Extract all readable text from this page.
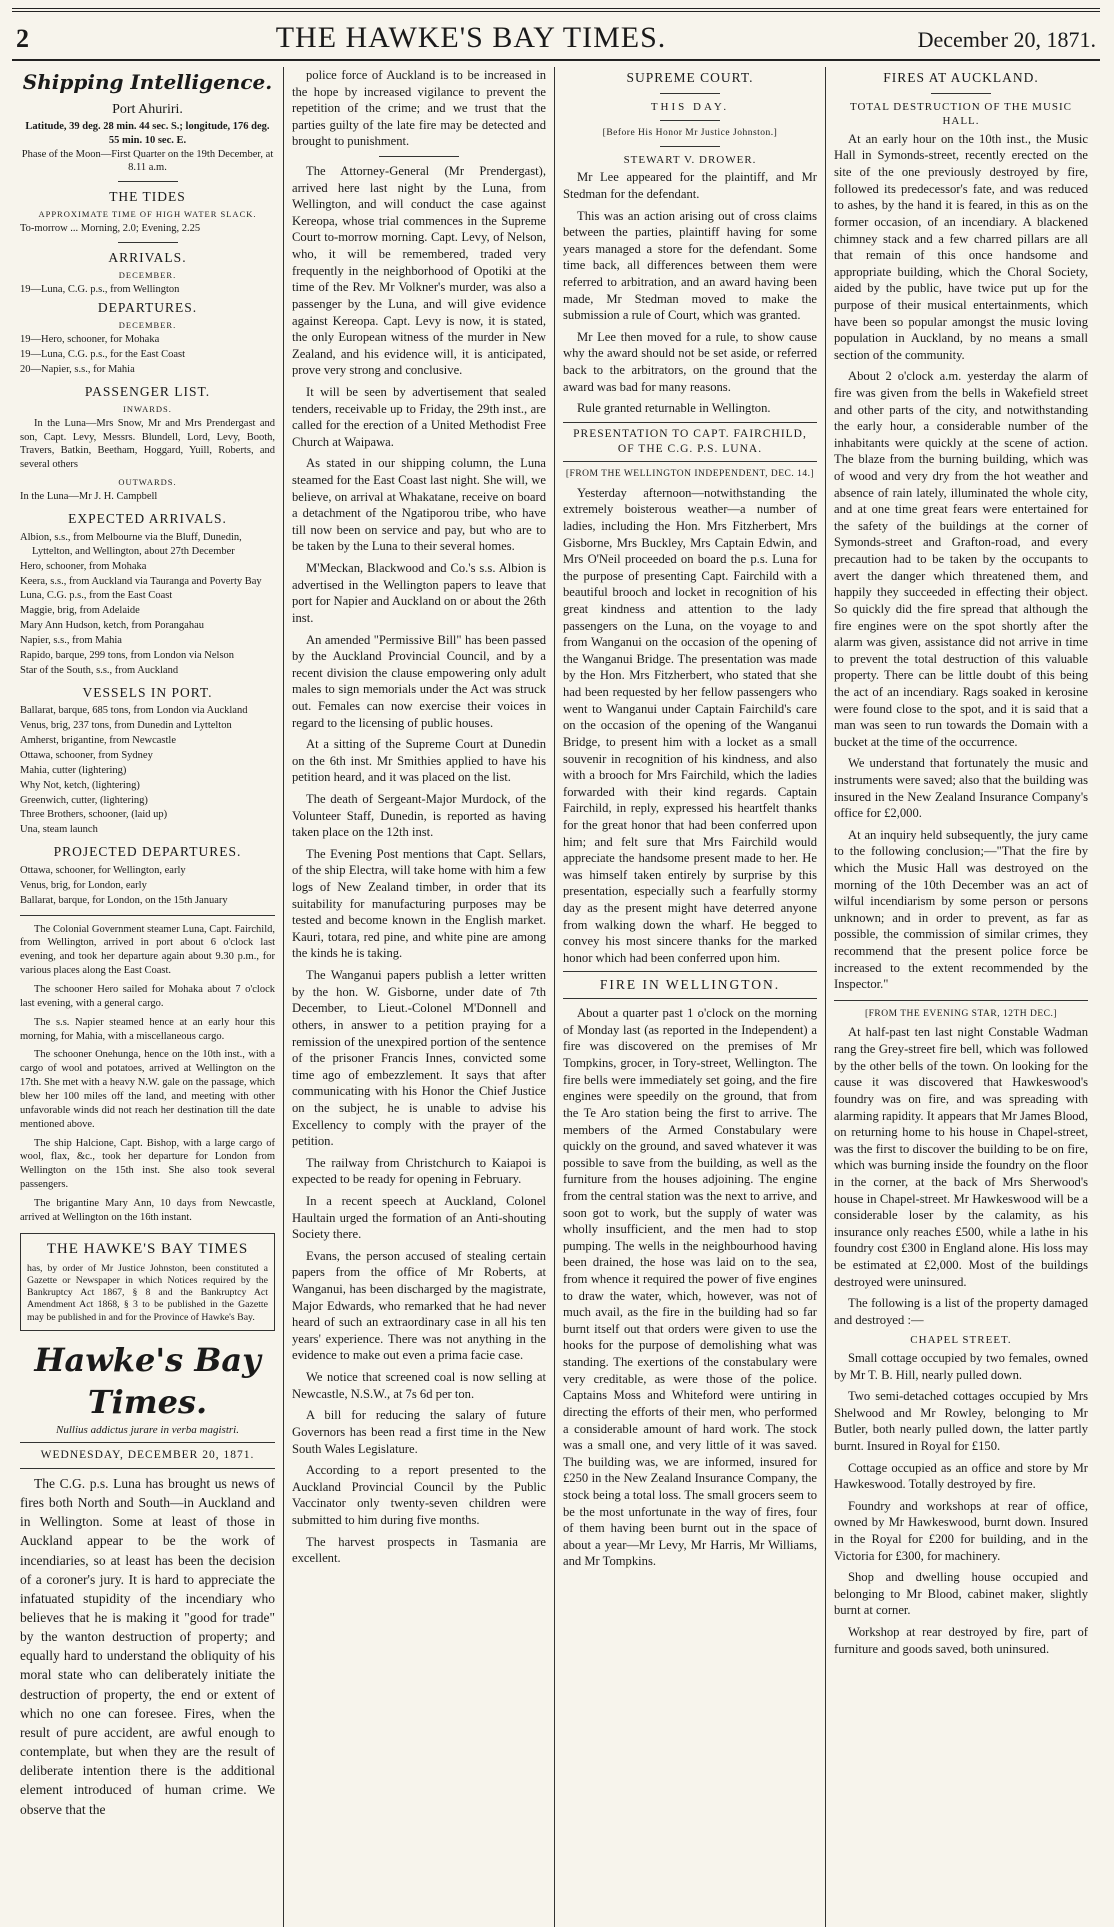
2	THE HAWKE'S BAY TIMES.	December 20, 1871.
Shipping Intelligence.
Port Ahuriri.
Latitude, 39 deg. 28 min. 44 sec. S.; longitude, 176 deg. 55 min. 10 sec. E.
Phase of the Moon—First Quarter on the 19th December, at 8.11 a.m.
THE TIDES
APPROXIMATE TIME OF HIGH WATER SLACK.
To-morrow ... Morning, 2.0; Evening, 2.25
ARRIVALS.
DECEMBER.
19—Luna, C.G. p.s., from Wellington
DEPARTURES.
DECEMBER.
19—Hero, schooner, for Mohaka
19—Luna, C.G. p.s., for the East Coast
20—Napier, s.s., for Mahia
PASSENGER LIST.
INWARDS.
In the Luna—Mrs Snow, Mr and Mrs Prendergast and son, Capt. Levy, Messrs. Blundell, Lord, Levy, Booth, Travers, Batkin, Beetham, Hoggard, Yuill, Roberts, and several others
OUTWARDS.
In the Luna—Mr J. H. Campbell
EXPECTED ARRIVALS.
Albion, s.s., from Melbourne via the Bluff, Dunedin, Lyttelton, and Wellington, about 27th December
Hero, schooner, from Mohaka
Keera, s.s., from Auckland via Tauranga and Poverty Bay
Luna, C.G. p.s., from the East Coast
Maggie, brig, from Adelaide
Mary Ann Hudson, ketch, from Porangahau
Napier, s.s., from Mahia
Rapido, barque, 299 tons, from London via Nelson
Star of the South, s.s., from Auckland
VESSELS IN PORT.
Ballarat, barque, 685 tons, from London via Auckland
Venus, brig, 237 tons, from Dunedin and Lyttelton
Amherst, brigantine, from Newcastle
Ottawa, schooner, from Sydney
Mahia, cutter (lightering)
Why Not, ketch, (lightering)
Greenwich, cutter, (lightering)
Three Brothers, schooner, (laid up)
Una, steam launch
PROJECTED DEPARTURES.
Ottawa, schooner, for Wellington, early
Venus, brig, for London, early
Ballarat, barque, for London, on the 15th January
The Colonial Government steamer Luna, Capt. Fairchild, from Wellington, arrived in port about 6 o'clock last evening, and took her departure again about 9.30 p.m., for various places along the East Coast.
The schooner Hero sailed for Mohaka about 7 o'clock last evening, with a general cargo.
The s.s. Napier steamed hence at an early hour this morning, for Mahia, with a miscellaneous cargo.
The schooner Onehunga, hence on the 10th inst., with a cargo of wool and potatoes, arrived at Wellington on the 17th. She met with a heavy N.W. gale on the passage, which blew her 100 miles off the land, and meeting with other unfavorable winds did not reach her destination till the date mentioned above.
The ship Halcione, Capt. Bishop, with a large cargo of wool, flax, &c., took her departure for London from Wellington on the 15th inst. She also took several passengers.
The brigantine Mary Ann, 10 days from Newcastle, arrived at Wellington on the 16th instant.
THE HAWKE'S BAY TIMES
has, by order of Mr Justice Johnston, been constituted a Gazette or Newspaper in which Notices required by the Bankruptcy Act 1867, § 8 and the Bankruptcy Act Amendment Act 1868, § 3 to be published in the Gazette may be published in and for the Province of Hawke's Bay.
Hawke's Bay Times.
Nullius addictus jurare in verba magistri.
WEDNESDAY, DECEMBER 20, 1871.
The C.G. p.s. Luna has brought us news of fires both North and South—in Auckland and in Wellington. Some at least of those in Auckland appear to be the work of incendiaries, so at least has been the decision of a coroner's jury. It is hard to appreciate the infatuated stupidity of the incendiary who believes that he is making it "good for trade" by the wanton destruction of property; and equally hard to understand the obliquity of his moral state who can deliberately initiate the destruction of property, the end or extent of which no one can foresee. Fires, when the result of pure accident, are awful enough to contemplate, but when they are the result of deliberate intention there is the additional element introduced of human crime. We observe that the
police force of Auckland is to be increased in the hope by increased vigilance to prevent the repetition of the crime; and we trust that the parties guilty of the late fire may be detected and brought to punishment.
The Attorney-General (Mr Prendergast), arrived here last night by the Luna, from Wellington, and will conduct the case against Kereopa, whose trial commences in the Supreme Court to-morrow morning. Capt. Levy, of Nelson, who, it will be remembered, traded very frequently in the neighborhood of Opotiki at the time of the Rev. Mr Volkner's murder, was also a passenger by the Luna, and will give evidence against Kereopa. Capt. Levy is now, it is stated, the only European witness of the murder in New Zealand, and his evidence will, it is anticipated, prove very strong and conclusive.
It will be seen by advertisement that sealed tenders, receivable up to Friday, the 29th inst., are called for the erection of a United Methodist Free Church at Waipawa.
As stated in our shipping column, the Luna steamed for the East Coast last night. She will, we believe, on arrival at Whakatane, receive on board a detachment of the Ngatiporou tribe, who have till now been on service and pay, but who are to be taken by the Luna to their several homes.
M'Meckan, Blackwood and Co.'s s.s. Albion is advertised in the Wellington papers to leave that port for Napier and Auckland on or about the 26th inst.
An amended "Permissive Bill" has been passed by the Auckland Provincial Council, and by a recent division the clause empowering only adult males to sign memorials under the Act was struck out. Females can now exercise their voices in regard to the licensing of public houses.
At a sitting of the Supreme Court at Dunedin on the 6th inst. Mr Smithies applied to have his petition heard, and it was placed on the list.
The death of Sergeant-Major Murdock, of the Volunteer Staff, Dunedin, is reported as having taken place on the 12th inst.
The Evening Post mentions that Capt. Sellars, of the ship Electra, will take home with him a few logs of New Zealand timber, in order that its suitability for manufacturing purposes may be tested and become known in the English market. Kauri, totara, red pine, and white pine are among the kinds he is taking.
The Wanganui papers publish a letter written by the hon. W. Gisborne, under date of 7th December, to Lieut.-Colonel M'Donnell and others, in answer to a petition praying for a remission of the unexpired portion of the sentence of the prisoner Francis Innes, convicted some time ago of embezzlement. It says that after communicating with his Honor the Chief Justice on the subject, he is unable to advise his Excellency to comply with the prayer of the petition.
The railway from Christchurch to Kaiapoi is expected to be ready for opening in February.
In a recent speech at Auckland, Colonel Haultain urged the formation of an Anti-shouting Society there.
Evans, the person accused of stealing certain papers from the office of Mr Roberts, at Wanganui, has been discharged by the magistrate, Major Edwards, who remarked that he had never heard of such an extraordinary case in all his ten years' experience. There was not anything in the evidence to make out even a prima facie case.
We notice that screened coal is now selling at Newcastle, N.S.W., at 7s 6d per ton.
A bill for reducing the salary of future Governors has been read a first time in the New South Wales Legislature.
According to a report presented to the Auckland Provincial Council by the Public Vaccinator only twenty-seven children were submitted to him during five months.
The harvest prospects in Tasmania are excellent.
SUPREME COURT.
THIS DAY.
[Before His Honor Mr Justice Johnston.]
STEWART V. DROWER.
Mr Lee appeared for the plaintiff, and Mr Stedman for the defendant.
This was an action arising out of cross claims between the parties, plaintiff having for some years managed a store for the defendant. Some time back, all differences between them were referred to arbitration, and an award having been made, Mr Stedman moved to make the submission a rule of Court, which was granted.
Mr Lee then moved for a rule, to show cause why the award should not be set aside, or referred back to the arbitrators, on the ground that the award was bad for many reasons.
Rule granted returnable in Wellington.
PRESENTATION TO CAPT. FAIRCHILD, OF THE C.G. P.S. LUNA.
[FROM THE WELLINGTON INDEPENDENT, DEC. 14.]
Yesterday afternoon—notwithstanding the extremely boisterous weather—a number of ladies, including the Hon. Mrs Fitzherbert, Mrs Gisborne, Mrs Buckley, Mrs Captain Edwin, and Mrs O'Neil proceeded on board the p.s. Luna for the purpose of presenting Capt. Fairchild with a beautiful brooch and locket in recognition of his great kindness and attention to the lady passengers on the Luna, on the voyage to and from Wanganui on the occasion of the opening of the Wanganui Bridge. The presentation was made by the Hon. Mrs Fitzherbert, who stated that she had been requested by her fellow passengers who went to Wanganui under Captain Fairchild's care on the occasion of the opening of the Wanganui Bridge, to present him with a locket as a small souvenir in recognition of his kindness, and also with a brooch for Mrs Fairchild, which the ladies forwarded with their kind regards. Captain Fairchild, in reply, expressed his heartfelt thanks for the great honor that had been conferred upon him; and felt sure that Mrs Fairchild would appreciate the handsome present made to her. He was himself taken entirely by surprise by this presentation, especially such a fearfully stormy day as the present might have deterred anyone from walking down the wharf. He begged to convey his most sincere thanks for the marked honor which had been conferred upon him.
FIRE IN WELLINGTON.
About a quarter past 1 o'clock on the morning of Monday last (as reported in the Independent) a fire was discovered on the premises of Mr Tompkins, grocer, in Tory-street, Wellington. The fire bells were immediately set going, and the fire engines were speedily on the ground, that from the Te Aro station being the first to arrive. The members of the Armed Constabulary were quickly on the ground, and saved whatever it was possible to save from the building, as well as the furniture from the houses adjoining. The engine from the central station was the next to arrive, and soon got to work, but the supply of water was wholly insufficient, and the men had to stop pumping. The wells in the neighbourhood having been drained, the hose was laid on to the sea, from whence it required the power of five engines to draw the water, which, however, was not of much avail, as the fire in the building had so far burnt itself out that orders were given to use the hooks for the purpose of demolishing what was standing. The exertions of the constabulary were very creditable, as were those of the police. Captains Moss and Whiteford were untiring in directing the efforts of their men, who performed a considerable amount of hard work. The stock was a small one, and very little of it was saved. The building was, we are informed, insured for £250 in the New Zealand Insurance Company, the stock being a total loss. The small grocers seem to be the most unfortunate in the way of fires, four of them having been burnt out in the space of about a year—Mr Levy, Mr Harris, Mr Williams, and Mr Tompkins.
FIRES AT AUCKLAND.
TOTAL DESTRUCTION OF THE MUSIC HALL.
At an early hour on the 10th inst., the Music Hall in Symonds-street, recently erected on the site of the one previously destroyed by fire, followed its predecessor's fate, and was reduced to ashes, by the hand it is feared, in this as on the former occasion, of an incendiary. A blackened chimney stack and a few charred pillars are all that remain of this once handsome and appropriate building, which the Choral Society, aided by the public, have twice put up for the purpose of their musical entertainments, which have been so popular amongst the music loving population in Auckland, by no means a small section of the community.
About 2 o'clock a.m. yesterday the alarm of fire was given from the bells in Wakefield street and other parts of the city, and notwithstanding the early hour, a considerable number of the inhabitants were quickly at the scene of action. The blaze from the burning building, which was of wood and very dry from the hot weather and absence of rain lately, illuminated the whole city, and at one time great fears were entertained for the safety of the buildings at the corner of Symonds-street and Grafton-road, and every precaution had to be taken by the occupants to avert the danger which threatened them, and happily they succeeded in effecting their object. So quickly did the fire spread that although the fire engines were on the spot shortly after the alarm was given, assistance did not arrive in time to prevent the total destruction of this valuable property. There can be little doubt of this being the act of an incendiary. Rags soaked in kerosine were found close to the spot, and it is said that a man was seen to run towards the Domain with a bucket at the time of the occurrence.
We understand that fortunately the music and instruments were saved; also that the building was insured in the New Zealand Insurance Company's office for £2,000.
At an inquiry held subsequently, the jury came to the following conclusion;—"That the fire by which the Music Hall was destroyed on the morning of the 10th December was an act of wilful incendiarism by some person or persons unknown; and in order to prevent, as far as possible, the commission of similar crimes, they recommend that the present police force be increased to the extent recommended by the Inspector."
[FROM THE EVENING STAR, 12TH DEC.]
At half-past ten last night Constable Wadman rang the Grey-street fire bell, which was followed by the other bells of the town. On looking for the cause it was discovered that Hawkeswood's foundry was on fire, and was spreading with alarming rapidity. It appears that Mr James Blood, on returning home to his house in Chapel-street, was the first to discover the building to be on fire, which was burning inside the foundry on the floor in the corner, at the back of Mrs Sherwood's house in Chapel-street. Mr Hawkeswood will be a considerable loser by the calamity, as his insurance only reaches £500, while a lathe in his foundry cost £300 in England alone. His loss may be estimated at £2,000. Most of the buildings destroyed were uninsured.
The following is a list of the property damaged and destroyed :—
CHAPEL STREET.
Small cottage occupied by two females, owned by Mr T. B. Hill, nearly pulled down.
Two semi-detached cottages occupied by Mrs Shelwood and Mr Rowley, belonging to Mr Butler, both nearly pulled down, the latter partly burnt. Insured in Royal for £150.
Cottage occupied as an office and store by Mr Hawkeswood. Totally destroyed by fire.
Foundry and workshops at rear of office, owned by Mr Hawkeswood, burnt down. Insured in the Royal for £200 for building, and in the Victoria for £300, for machinery.
Shop and dwelling house occupied and belonging to Mr Blood, cabinet maker, slightly burnt at corner.
Workshop at rear destroyed by fire, part of furniture and goods saved, both uninsured.
